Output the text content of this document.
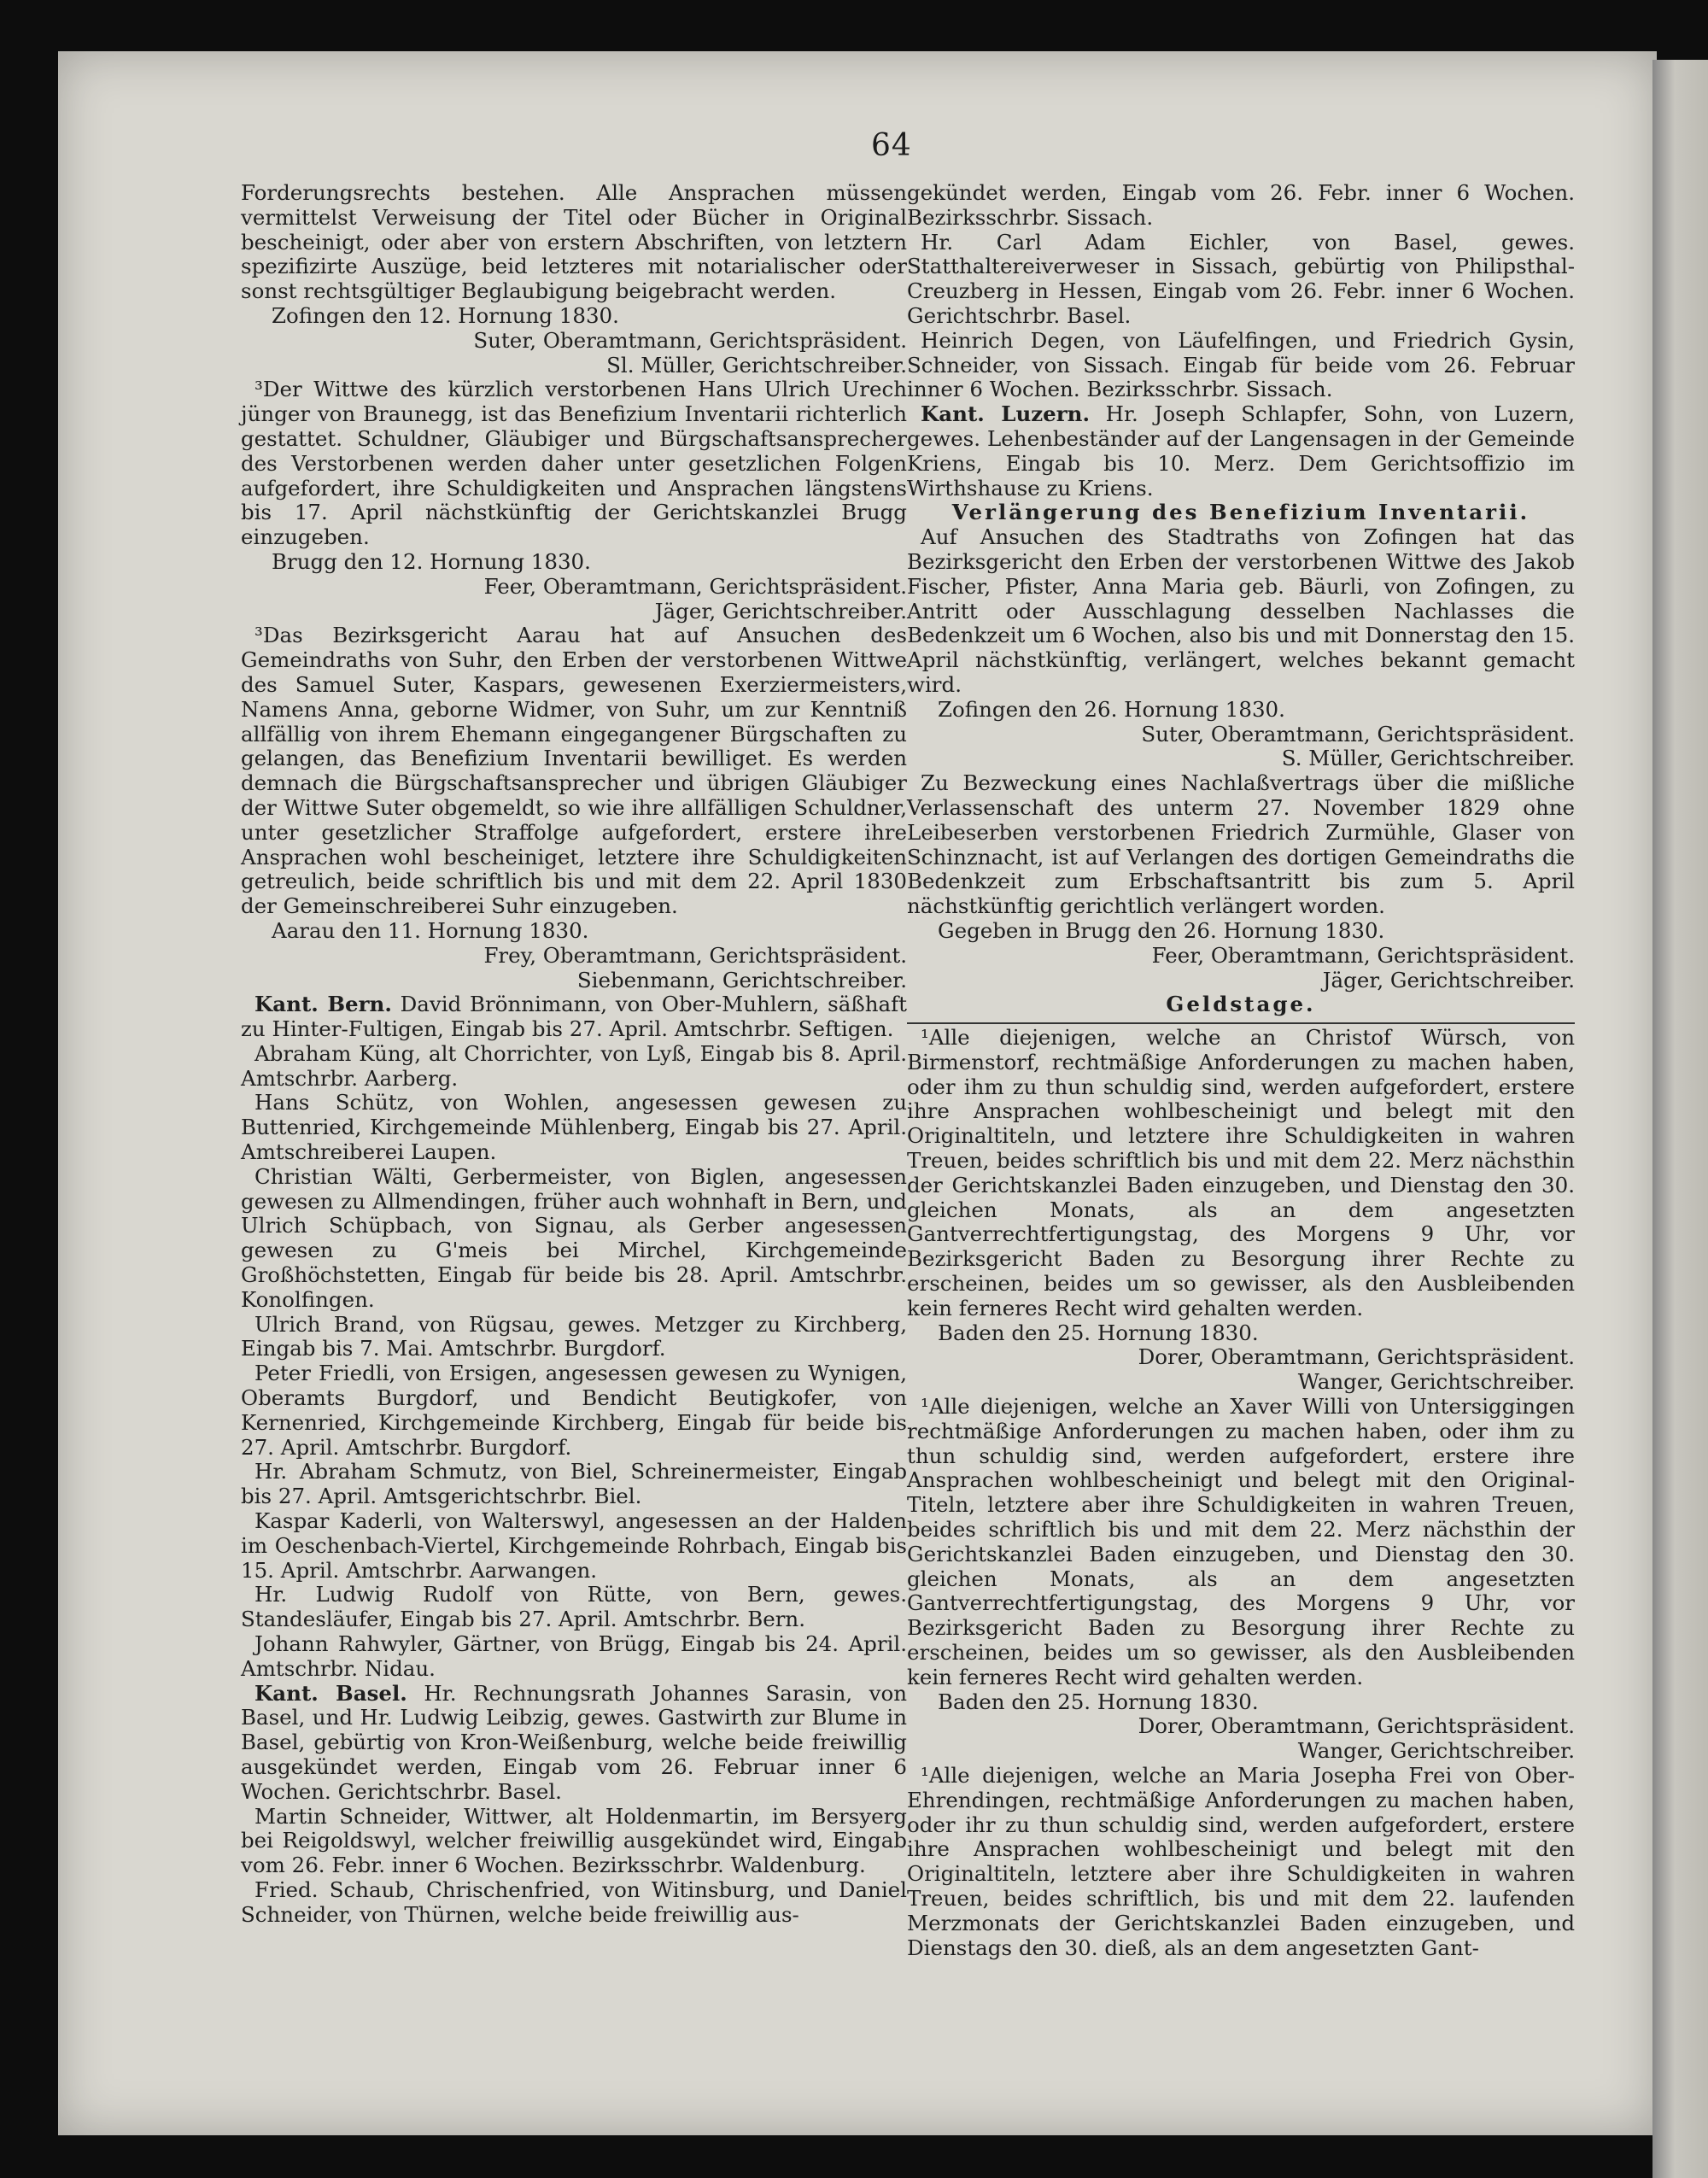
64

Forderungsrechts bestehen. Alle Ansprachen müssen vermittelst Verweisung der Titel oder Bücher in Original bescheinigt, oder aber von erstern Abschriften, von letztern spezifizirte Auszüge, beid letzteres mit notarialischer oder sonst rechtsgültiger Beglaubigung beigebracht werden.

Zofingen den 12. Hornung 1830.

Suter, Oberamtmann, Gerichtspräsident.

Sl. Müller, Gerichtschreiber.

³Der Wittwe des kürzlich verstorbenen Hans Ulrich Urech jünger von Braunegg, ist das Benefizium Inventarii richterlich gestattet. Schuldner, Gläubiger und Bürgschaftsansprecher des Verstorbenen werden daher unter gesetzlichen Folgen aufgefordert, ihre Schuldigkeiten und Ansprachen längstens bis 17. April nächstkünftig der Gerichtskanzlei Brugg einzugeben.

Brugg den 12. Hornung 1830.

Feer, Oberamtmann, Gerichtspräsident.

Jäger, Gerichtschreiber.

³Das Bezirksgericht Aarau hat auf Ansuchen des Gemeindraths von Suhr, den Erben der verstorbenen Wittwe des Samuel Suter, Kaspars, gewesenen Exerziermeisters, Namens Anna, geborne Widmer, von Suhr, um zur Kenntniß allfällig von ihrem Ehemann eingegangener Bürgschaften zu gelangen, das Benefizium Inventarii bewilliget. Es werden demnach die Bürgschaftsansprecher und übrigen Gläubiger der Wittwe Suter obgemeldt, so wie ihre allfälligen Schuldner, unter gesetzlicher Straffolge aufgefordert, erstere ihre Ansprachen wohl bescheiniget, letztere ihre Schuldigkeiten getreulich, beide schriftlich bis und mit dem 22. April 1830 der Gemeinschreiberei Suhr einzugeben.

Aarau den 11. Hornung 1830.

Frey, Oberamtmann, Gerichtspräsident.

Siebenmann, Gerichtschreiber.

Kant. Bern. David Brönnimann, von Ober-Muhlern, säßhaft zu Hinter-Fultigen, Eingab bis 27. April. Amtschrbr. Seftigen.

Abraham Küng, alt Chorrichter, von Lyß, Eingab bis 8. April. Amtschrbr. Aarberg.

Hans Schütz, von Wohlen, angesessen gewesen zu Buttenried, Kirchgemeinde Mühlenberg, Eingab bis 27. April. Amtschreiberei Laupen.

Christian Wälti, Gerbermeister, von Biglen, angesessen gewesen zu Allmendingen, früher auch wohnhaft in Bern, und Ulrich Schüpbach, von Signau, als Gerber angesessen gewesen zu G'meis bei Mirchel, Kirchgemeinde Großhöchstetten, Eingab für beide bis 28. April. Amtschrbr. Konolfingen.

Ulrich Brand, von Rügsau, gewes. Metzger zu Kirchberg, Eingab bis 7. Mai. Amtschrbr. Burgdorf.

Peter Friedli, von Ersigen, angesessen gewesen zu Wynigen, Oberamts Burgdorf, und Bendicht Beutigkofer, von Kernenried, Kirchgemeinde Kirchberg, Eingab für beide bis 27. April. Amtschrbr. Burgdorf.

Hr. Abraham Schmutz, von Biel, Schreinermeister, Eingab bis 27. April. Amtsgerichtschrbr. Biel.

Kaspar Kaderli, von Walterswyl, angesessen an der Halden im Oeschenbach-Viertel, Kirchgemeinde Rohrbach, Eingab bis 15. April. Amtschrbr. Aarwangen.

Hr. Ludwig Rudolf von Rütte, von Bern, gewes. Standesläufer, Eingab bis 27. April. Amtschrbr. Bern.

Johann Rahwyler, Gärtner, von Brügg, Eingab bis 24. April. Amtschrbr. Nidau.

Kant. Basel. Hr. Rechnungsrath Johannes Sarasin, von Basel, und Hr. Ludwig Leibzig, gewes. Gastwirth zur Blume in Basel, gebürtig von Kron-Weißenburg, welche beide freiwillig ausgekündet werden, Eingab vom 26. Februar inner 6 Wochen. Gerichtschrbr. Basel.

Martin Schneider, Wittwer, alt Holdenmartin, im Bersyerg bei Reigoldswyl, welcher freiwillig ausgekündet wird, Eingab vom 26. Febr. inner 6 Wochen. Bezirksschrbr. Waldenburg.

Fried. Schaub, Chrischenfried, von Witinsburg, und Daniel Schneider, von Thürnen, welche beide freiwillig aus-

gekündet werden, Eingab vom 26. Febr. inner 6 Wochen. Bezirksschrbr. Sissach.

Hr. Carl Adam Eichler, von Basel, gewes. Statthaltereiverweser in Sissach, gebürtig von Philipsthal-Creuzberg in Hessen, Eingab vom 26. Febr. inner 6 Wochen. Gerichtschrbr. Basel.

Heinrich Degen, von Läufelfingen, und Friedrich Gysin, Schneider, von Sissach. Eingab für beide vom 26. Februar inner 6 Wochen. Bezirksschrbr. Sissach.

Kant. Luzern. Hr. Joseph Schlapfer, Sohn, von Luzern, gewes. Lehenbeständer auf der Langensagen in der Gemeinde Kriens, Eingab bis 10. Merz. Dem Gerichtsoffizio im Wirthshause zu Kriens.

Verlängerung des Benefizium Inventarii.

Auf Ansuchen des Stadtraths von Zofingen hat das Bezirksgericht den Erben der verstorbenen Wittwe des Jakob Fischer, Pfister, Anna Maria geb. Bäurli, von Zofingen, zu Antritt oder Ausschlagung desselben Nachlasses die Bedenkzeit um 6 Wochen, also bis und mit Donnerstag den 15. April nächstkünftig, verlängert, welches bekannt gemacht wird.

Zofingen den 26. Hornung 1830.

Suter, Oberamtmann, Gerichtspräsident.

S. Müller, Gerichtschreiber.

Zu Bezweckung eines Nachlaßvertrags über die mißliche Verlassenschaft des unterm 27. November 1829 ohne Leibeserben verstorbenen Friedrich Zurmühle, Glaser von Schinznacht, ist auf Verlangen des dortigen Gemeindraths die Bedenkzeit zum Erbschaftsantritt bis zum 5. April nächstkünftig gerichtlich verlängert worden.

Gegeben in Brugg den 26. Hornung 1830.

Feer, Oberamtmann, Gerichtspräsident.

Jäger, Gerichtschreiber.

Geldstage.

¹Alle diejenigen, welche an Christof Würsch, von Birmenstorf, rechtmäßige Anforderungen zu machen haben, oder ihm zu thun schuldig sind, werden aufgefordert, erstere ihre Ansprachen wohlbescheinigt und belegt mit den Originaltiteln, und letztere ihre Schuldigkeiten in wahren Treuen, beides schriftlich bis und mit dem 22. Merz nächsthin der Gerichtskanzlei Baden einzugeben, und Dienstag den 30. gleichen Monats, als an dem angesetzten Gantverrechtfertigungstag, des Morgens 9 Uhr, vor Bezirksgericht Baden zu Besorgung ihrer Rechte zu erscheinen, beides um so gewisser, als den Ausbleibenden kein ferneres Recht wird gehalten werden.

Baden den 25. Hornung 1830.

Dorer, Oberamtmann, Gerichtspräsident.

Wanger, Gerichtschreiber.

¹Alle diejenigen, welche an Xaver Willi von Untersiggingen rechtmäßige Anforderungen zu machen haben, oder ihm zu thun schuldig sind, werden aufgefordert, erstere ihre Ansprachen wohlbescheinigt und belegt mit den Original-Titeln, letztere aber ihre Schuldigkeiten in wahren Treuen, beides schriftlich bis und mit dem 22. Merz nächsthin der Gerichtskanzlei Baden einzugeben, und Dienstag den 30. gleichen Monats, als an dem angesetzten Gantverrechtfertigungstag, des Morgens 9 Uhr, vor Bezirksgericht Baden zu Besorgung ihrer Rechte zu erscheinen, beides um so gewisser, als den Ausbleibenden kein ferneres Recht wird gehalten werden.

Baden den 25. Hornung 1830.

Dorer, Oberamtmann, Gerichtspräsident.

Wanger, Gerichtschreiber.

¹Alle diejenigen, welche an Maria Josepha Frei von Ober-Ehrendingen, rechtmäßige Anforderungen zu machen haben, oder ihr zu thun schuldig sind, werden aufgefordert, erstere ihre Ansprachen wohlbescheinigt und belegt mit den Originaltiteln, letztere aber ihre Schuldigkeiten in wahren Treuen, beides schriftlich, bis und mit dem 22. laufenden Merzmonats der Gerichtskanzlei Baden einzugeben, und Dienstags den 30. dieß, als an dem angesetzten Gant-
